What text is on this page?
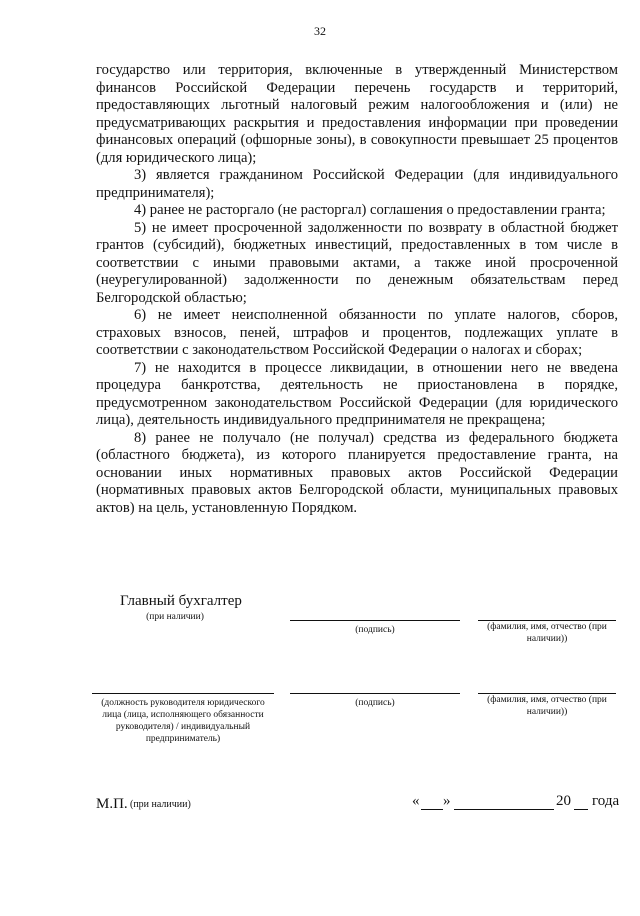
32

государство или территория, включенные в утвержденный Министерством финансов Российской Федерации перечень государств и территорий, предоставляющих льготный налоговый режим налогообложения и (или) не предусматривающих раскрытия и предоставления информации при проведении финансовых операций (офшорные зоны), в совокупности превышает 25 процентов (для юридического лица);

3) является гражданином Российской Федерации (для индивидуального предпринимателя);

4) ранее не расторгало (не расторгал) соглашения о предоставлении гранта;

5) не имеет просроченной задолженности по возврату в областной бюджет грантов (субсидий), бюджетных инвестиций, предоставленных в том числе в соответствии с иными правовыми актами, а также иной просроченной (неурегулированной) задолженности по денежным обязательствам перед Белгородской областью;

6) не имеет неисполненной обязанности по уплате налогов, сборов, страховых взносов, пеней, штрафов и процентов, подлежащих уплате в соответствии с законодательством Российской Федерации о налогах и сборах;

7) не находится в процессе ликвидации, в отношении него не введена процедура банкротства, деятельность не приостановлена в порядке, предусмотренном законодательством Российской Федерации (для юридического лица), деятельность индивидуального предпринимателя не прекращена;

8) ранее не получало (не получал) средства из федерального бюджета (областного бюджета), из которого планируется предоставление гранта, на основании иных нормативных правовых актов Российской Федерации (нормативных правовых актов Белгородской области, муниципальных правовых актов) на цель, установленную Порядком.

Главный бухгалтер
(при наличии)
(подпись)	(фамилия, имя, отчество (при наличии))
(должность руководителя юридического лица (лица, исполняющего обязанности руководителя) / индивидуальный предприниматель)
(подпись)	(фамилия, имя, отчество (при наличии))
М.П. (при наличии)	« »	20 года
